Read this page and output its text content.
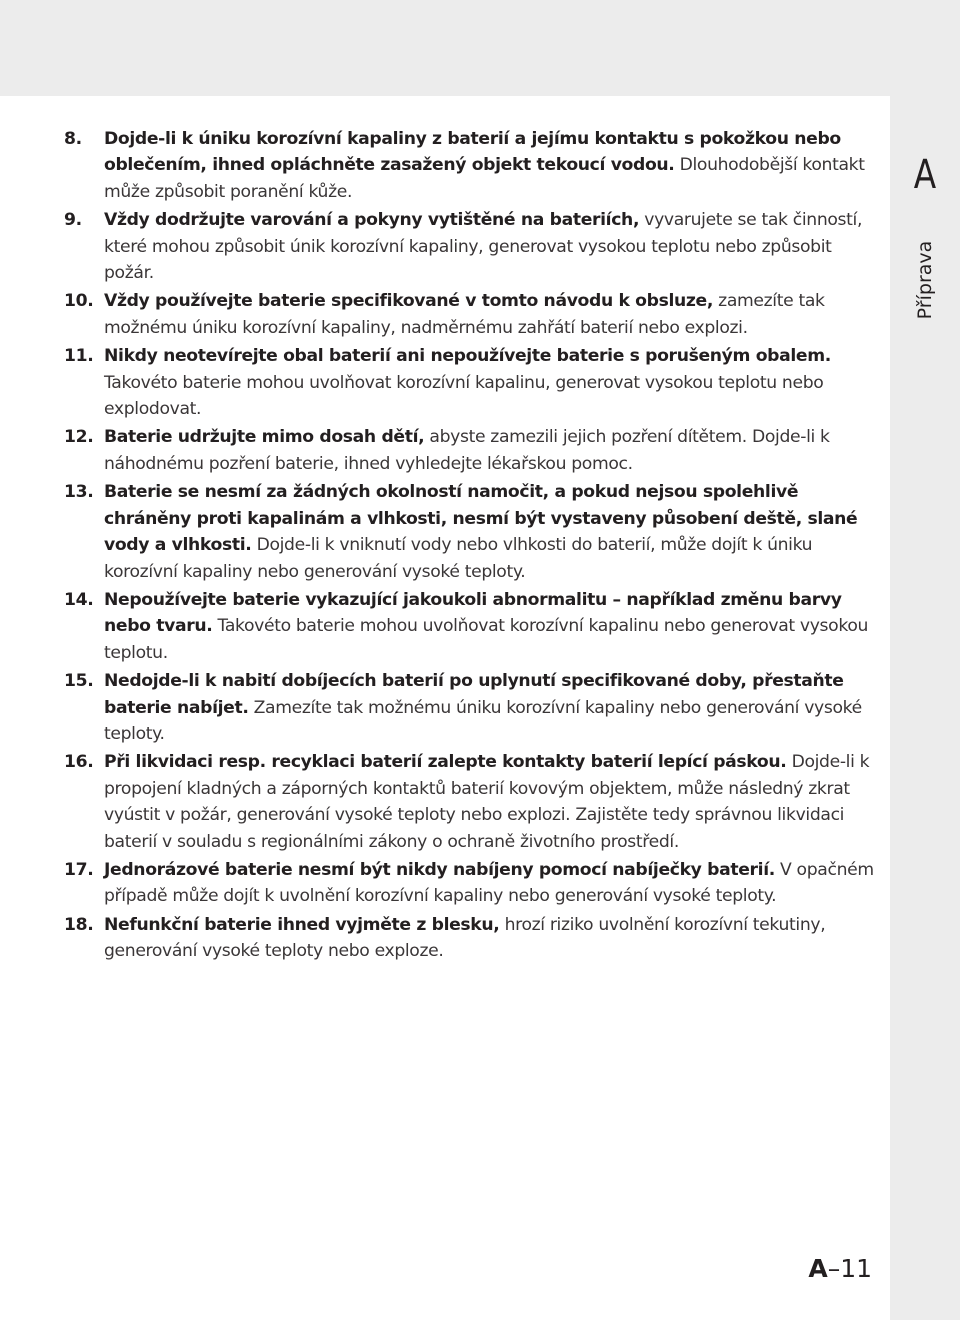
A
Příprava
8. Dojde-li k úniku korozívní kapaliny z baterií a jejímu kontaktu s pokožkou nebo oblečením, ihned opláchněte zasažený objekt tekoucí vodou. Dlouhodobější kontakt může způsobit poranění kůže.
9. Vždy dodržujte varování a pokyny vytištěné na bateriích, vyvarujete se tak činností, které mohou způsobit únik korozívní kapaliny, generovat vysokou teplotu nebo způsobit požár.
10. Vždy používejte baterie specifikované v tomto návodu k obsluze, zamezíte tak možnému úniku korozívní kapaliny, nadměrnému zahřátí baterií nebo explozi.
11. Nikdy neotevírejte obal baterií ani nepoužívejte baterie s porušeným obalem. Takovéto baterie mohou uvolňovat korozívní kapalinu, generovat vysokou teplotu nebo explodovat.
12. Baterie udržujte mimo dosah dětí, abyste zamezili jejich pozření dítětem. Dojde-li k náhodnému pozření baterie, ihned vyhledejte lékařskou pomoc.
13. Baterie se nesmí za žádných okolností namočit, a pokud nejsou spolehlivě chráněny proti kapalinám a vlhkosti, nesmí být vystaveny působení deště, slané vody a vlhkosti. Dojde-li k vniknutí vody nebo vlhkosti do baterií, může dojít k úniku korozívní kapaliny nebo generování vysoké teploty.
14. Nepoužívejte baterie vykazující jakoukoli abnormalitu – například změnu barvy nebo tvaru. Takovéto baterie mohou uvolňovat korozívní kapalinu nebo generovat vysokou teplotu.
15. Nedojde-li k nabití dobíjecích baterií po uplynutí specifikované doby, přestaňte baterie nabíjet. Zamezíte tak možnému úniku korozívní kapaliny nebo generování vysoké teploty.
16. Při likvidaci resp. recyklaci baterií zalepte kontakty baterií lepící páskou. Dojde-li k propojení kladných a záporných kontaktů baterií kovovým objektem, může následný zkrat vyústit v požár, generování vysoké teploty nebo explozi. Zajistěte tedy správnou likvidaci baterií v souladu s regionálními zákony o ochraně životního prostředí.
17. Jednorázové baterie nesmí být nikdy nabíjeny pomocí nabíječky baterií. V opačném případě může dojít k uvolnění korozívní kapaliny nebo generování vysoké teploty.
18. Nefunkční baterie ihned vyjměte z blesku, hrozí riziko uvolnění korozívní tekutiny, generování vysoké teploty nebo exploze.
A–11
